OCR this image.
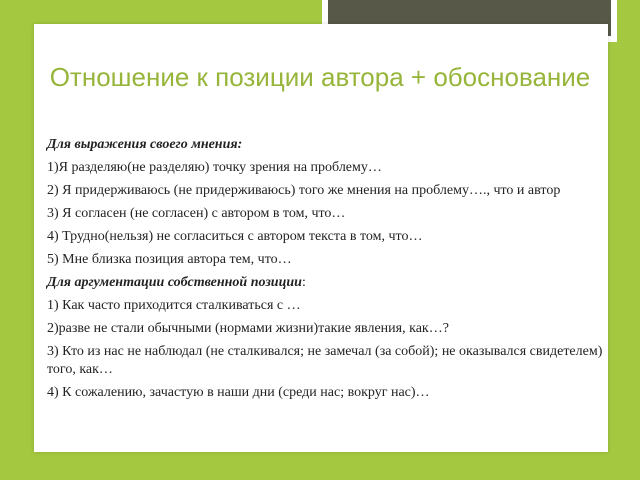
Отношение к позиции автора + обоснование

Для выражения своего мнения:

1)Я разделяю(не разделяю) точку зрения на проблему…

2) Я придерживаюсь (не придерживаюсь) того же мнения на проблему…., что и автор

3) Я согласен (не согласен) с автором в том, что…

4) Трудно(нельзя) не согласиться с автором текста в том, что…

5) Мне близка позиция автора тем, что…

Для аргументации собственной позиции:

1) Как часто приходится сталкиваться с …

2)разве не стали обычными (нормами жизни)такие явления, как…?

3) Кто из нас не наблюдал (не сталкивался; не замечал (за собой); не оказывался свидетелем) того, как…

4) К сожалению, зачастую в наши дни (среди нас; вокруг нас)…
